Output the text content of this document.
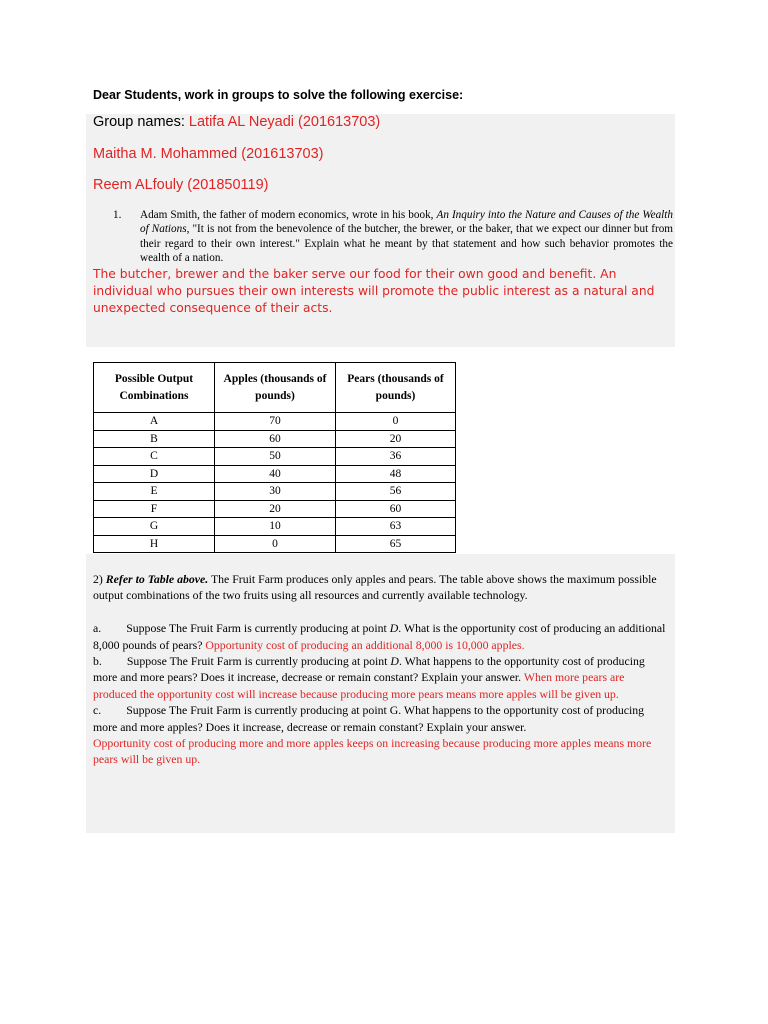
Dear Students, work in groups to solve the following exercise:
Group names: Latifa AL Neyadi (201613703)
Maitha M. Mohammed (201613703)
Reem ALfouly (201850119)
1. Adam Smith, the father of modern economics, wrote in his book, An Inquiry into the Nature and Causes of the Wealth of Nations, "It is not from the benevolence of the butcher, the brewer, or the baker, that we expect our dinner but from their regard to their own interest." Explain what he meant by that statement and how such behavior promotes the wealth of a nation.
The butcher, brewer and the baker serve our food for their own good and benefit. An individual who pursues their own interests will promote the public interest as a natural and unexpected consequence of their acts.
Possible Output Combinations	Apples (thousands of pounds)	Pears (thousands of pounds)
A	70	0
B	60	20
C	50	36
D	40	48
E	30	56
F	20	60
G	10	63
H	0	65

2) Refer to Table above. The Fruit Farm produces only apples and pears. The table above shows the maximum possible output combinations of the two fruits using all resources and currently available technology.

a. Suppose The Fruit Farm is currently producing at point D. What is the opportunity cost of producing an additional 8,000 pounds of pears? Opportunity cost of producing an additional 8,000 is 10,000 apples.

b. Suppose The Fruit Farm is currently producing at point D. What happens to the opportunity cost of producing more and more pears? Does it increase, decrease or remain constant? Explain your answer. When more pears are produced the opportunity cost will increase because producing more pears means more apples will be given up.

c. Suppose The Fruit Farm is currently producing at point G. What happens to the opportunity cost of producing more and more apples? Does it increase, decrease or remain constant? Explain your answer.

Opportunity cost of producing more and more apples keeps on increasing because producing more apples means more pears will be given up.
